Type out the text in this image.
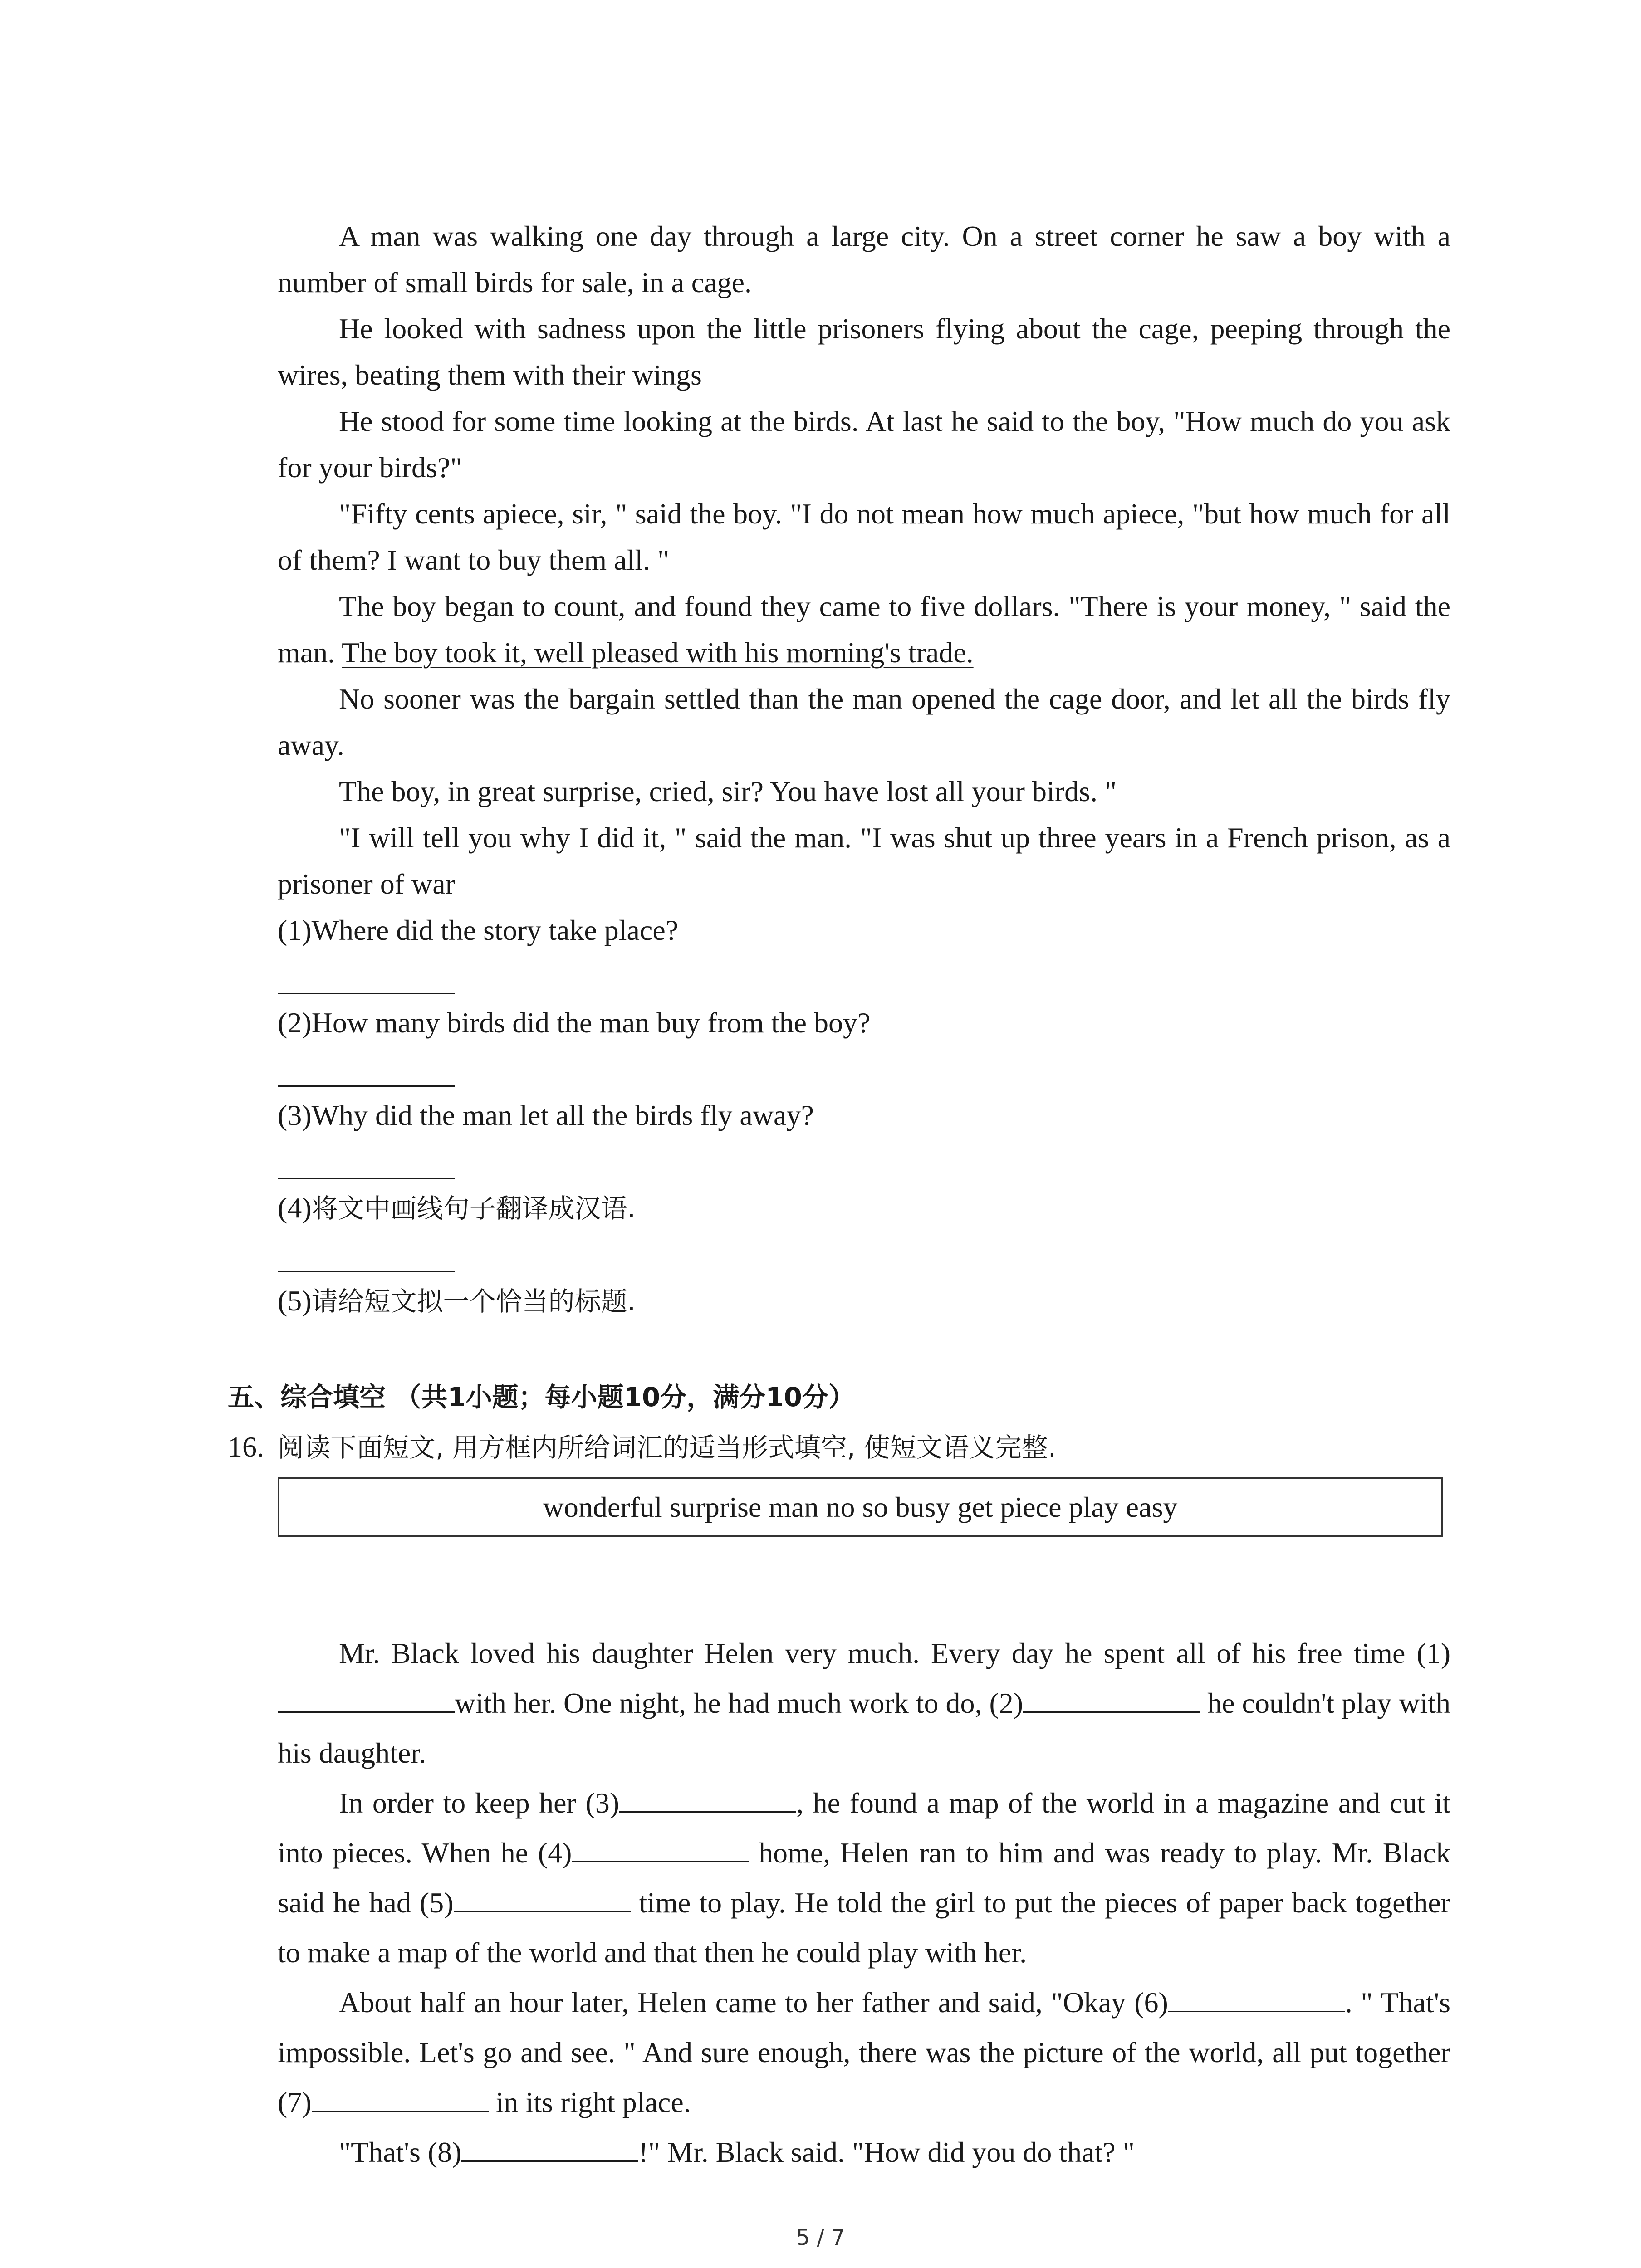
A man was walking one day through a large city. On a street corner he saw a boy with a number of small birds for sale, in a cage.

He looked with sadness upon the little prisoners flying about the cage, peeping through the wires, beating them with their wings

He stood for some time looking at the birds. At last he said to the boy, "How much do you ask for your birds?"

"Fifty cents apiece, sir, " said the boy. "I do not mean how much apiece, "but how much for all of them? I want to buy them all. "

The boy began to count, and found they came to five dollars. "There is your money, " said the man. The boy took it, well pleased with his morning's trade.

No sooner was the bargain settled than the man opened the cage door, and let all the birds fly away.

The boy, in great surprise, cried, sir? You have lost all your birds. "

"I will tell you why I did it, " said the man. "I was shut up three years in a French prison, as a prisoner of war

(1)Where did the story take place?

(2)How many birds did the man buy from the boy?

(3)Why did the man let all the birds fly away?

(4)将文中画线句子翻译成汉语.

(5)请给短文拟一个恰当的标题.

五、综合填空 （共1小题；每小题10分，满分10分）
16. 阅读下面短文, 用方框内所给词汇的适当形式填空, 使短文语义完整.
wonderful surprise man no so busy get piece play easy

Mr. Black loved his daughter Helen very much. Every day he spent all of his free time (1)with her. One night, he had much work to do, (2)	he couldn't play with his daughter.

In order to keep her (3)	, he found a map of the world in a magazine and cut it into pieces. When he (4)	home, Helen ran to him and was ready to play. Mr. Black said he had (5)	time to play. He told the girl to put the pieces of paper back together to make a map of the world and that then he could play with her.

About half an hour later, Helen came to her father and said, "Okay (6)	. " That's impossible. Let's go and see. " And sure enough, there was the picture of the world, all put together (7)	in its right place.

"That's (8)	!" Mr. Black said. "How did you do that? "

5 / 7
